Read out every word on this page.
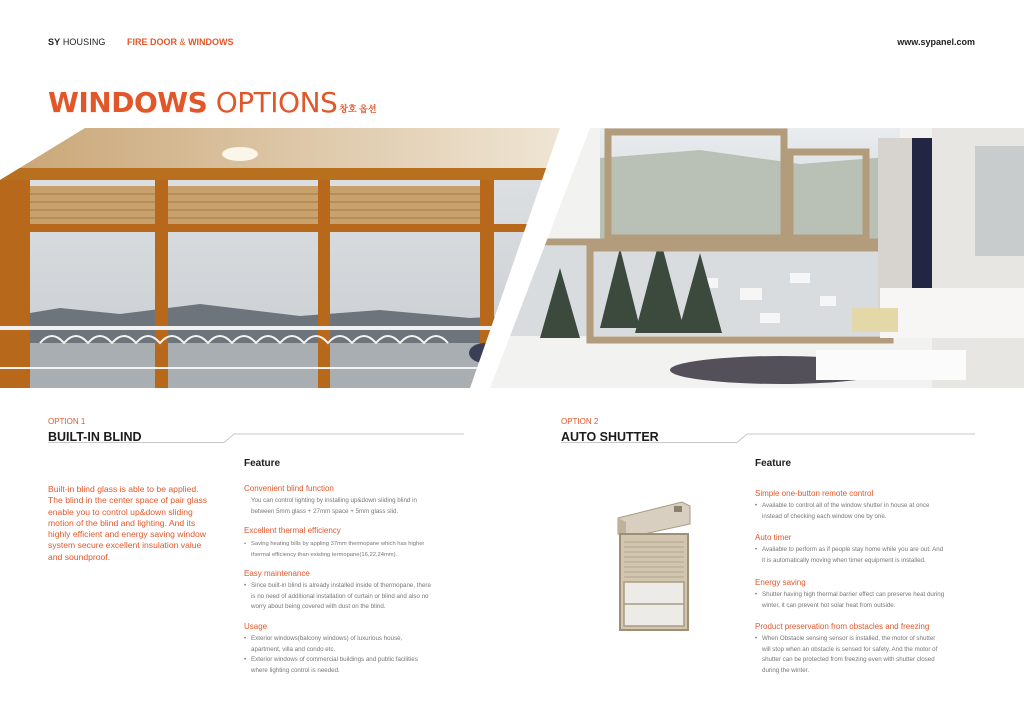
SY HOUSING FIRE DOOR & WINDOWS	www.sypanel.com
WINDOWS OPTIONS 창호 옵션
OPTION 1
BUILT-IN BLIND
Feature
Built-in blind glass is able to be applied. The blind in the center space of pair glass enable you to control up&down sliding motion of the blind and lighting. And its highly efficient and energy saving window system secure excellent insulation value and soundproof.
Convenient blind function
You can control lighting by installing up&down sliding blind in
between 5mm glass + 27mm space + 5mm glass slid.
Excellent thermal efficiency
• Saving heating bills by appling 37mm thermopane which has higher
thermal efficiency than existing termopane(16,22,24mm).
Easy maintenance
• Since built-in blind is already installed inside of thermopane, there
is no need of additional installation of curtain or blind and also no
worry about being covered with dust on the blind.
Usage
• Exterior windows(balcony windows) of luxurious house,
apartment, villa and condo etc.
• Exterior windows of commercial buildings and public facilities
where lighting control is needed.
OPTION 2
AUTO SHUTTER
Feature
Simple one-button remote control
• Available to control all of the window shutter in house at once
instead of checking each window one by one.
Auto timer
• Available to perform as if people stay home while you are out. And
it is automatically moving when timer equipment is installed.
Energy saving
• Shutter having high thermal barrier effect can preserve heat during
winter, it can prevent hot solar heat from outside.
Product preservation from obstacles and freezing
• When Obstacle sensing sensor is installed, the motor of shutter
will stop when an obstacle is sensed for safety. And the motor of
shutter can be protected from freezing even with shutter closed
during the winter.
